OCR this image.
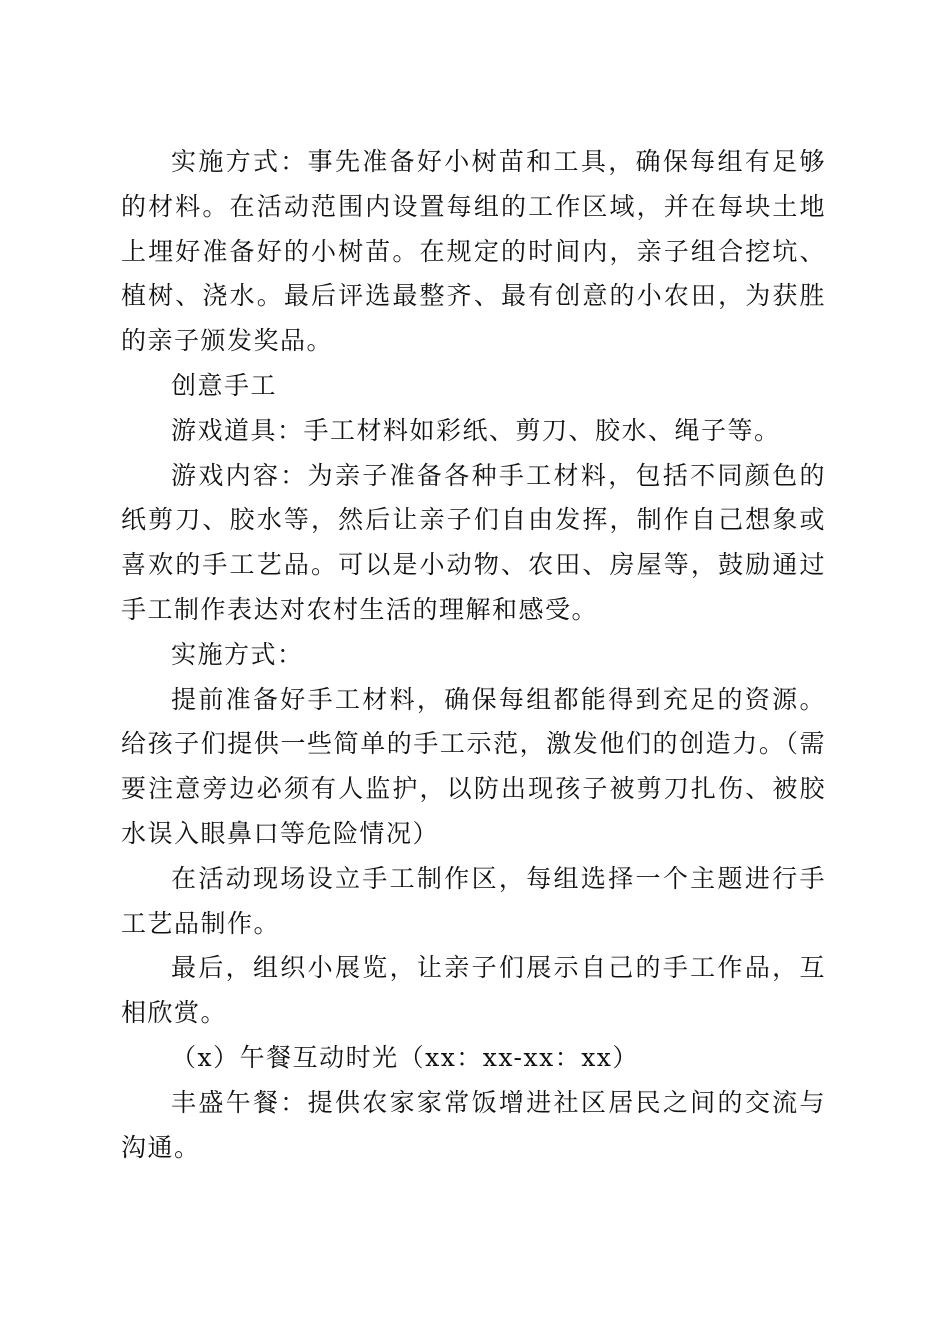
实施方式：事先准备好小树苗和工具，确保每组有足够的材料。在活动范围内设置每组的工作区域，并在每块土地上埋好准备好的小树苗。在规定的时间内，亲子组合挖坑、植树、浇水。最后评选最整齐、最有创意的小农田，为获胜的亲子颁发奖品。

创意手工

游戏道具：手工材料如彩纸、剪刀、胶水、绳子等。

游戏内容：为亲子准备各种手工材料，包括不同颜色的纸剪刀、胶水等，然后让亲子们自由发挥，制作自己想象或喜欢的手工艺品。可以是小动物、农田、房屋等，鼓励通过手工制作表达对农村生活的理解和感受。

实施方式：

提前准备好手工材料，确保每组都能得到充足的资源。给孩子们提供一些简单的手工示范，激发他们的创造力。（需要注意旁边必须有人监护，以防出现孩子被剪刀扎伤、被胶水误入眼鼻口等危险情况）

在活动现场设立手工制作区，每组选择一个主题进行手工艺品制作。

最后，组织小展览，让亲子们展示自己的手工作品，互相欣赏。

（x）午餐互动时光（xx：xx-xx：xx）

丰盛午餐：提供农家家常饭增进社区居民之间的交流与沟通。
